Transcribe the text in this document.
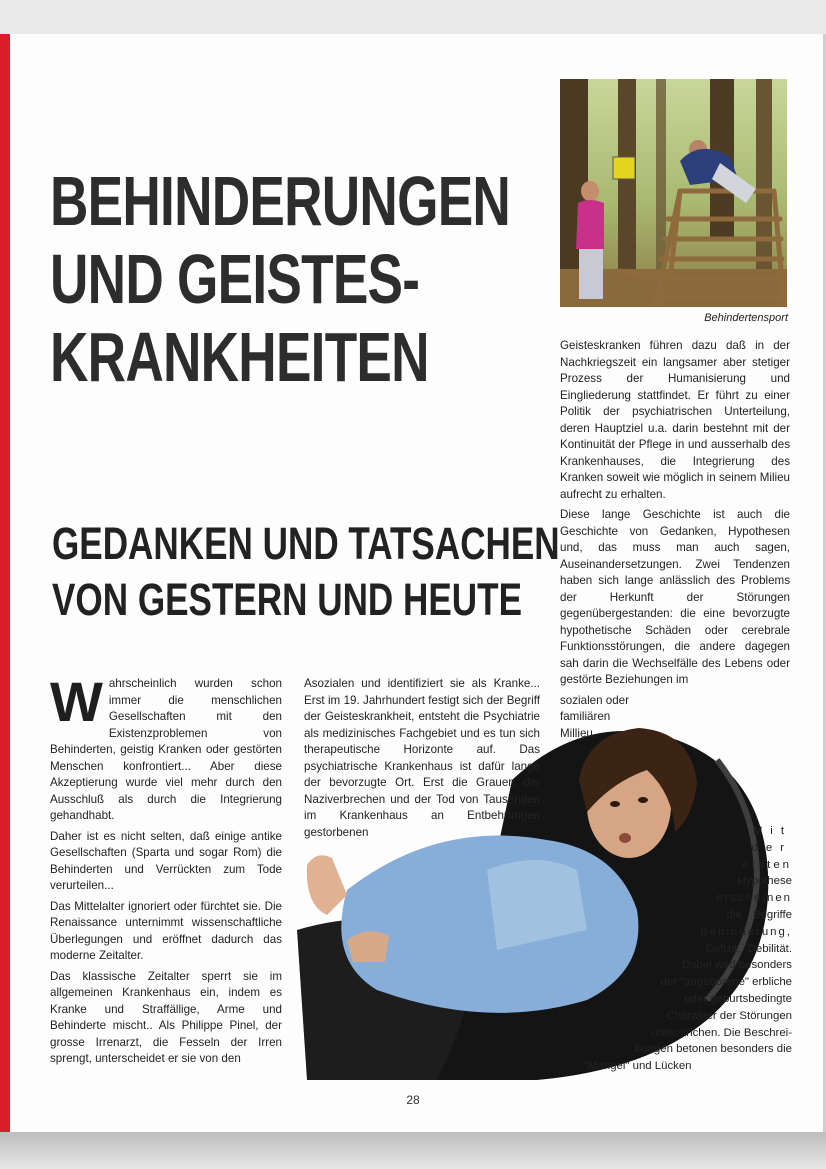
Behindertensport
BEHINDERUNGEN
UND GEISTES-
KRANKHEITEN
GEDANKEN UND TATSACHEN
VON GESTERN UND HEUTE

Wahrscheinlich wurden schon immer die menschlichen Gesellschaften mit den Existenzproblemen von Behinderten, geistig Kranken oder gestörten Menschen konfrontiert... Aber diese Akzeptierung wurde viel mehr durch den Ausschluß als durch die Integrierung gehandhabt.

Daher ist es nicht selten, daß einige antike Gesellschaften (Sparta und sogar Rom) die Behinderten und Verrückten zum Tode verurteilen...

Das Mittelalter ignoriert oder fürchtet sie. Die Renaissance unternimmt wissenschaftliche Überlegungen und eröffnet dadurch das moderne Zeitalter.

Das klassische Zeitalter sperrt sie im allgemeinen Krankenhaus ein, indem es Kranke und Straffällige, Arme und Behinderte mischt.. Als Philippe Pinel, der grosse Irrenarzt, die Fesseln der Irren sprengt, unterscheidet er sie von den

Asozialen und identifiziert sie als Kranke... Erst im 19. Jahrhundert festigt sich der Begriff der Geisteskrankheit, entsteht die Psychiatrie als medizinisches Fachgebiet und es tun sich therapeutische Horizonte auf. Das psychiatrische Krankenhaus ist dafür lange der bevorzugte Ort. Erst die Grauen der Naziverbrechen und der Tod von Tausenden im Krankenhaus an Entbehrungen gestorbenen

Geisteskranken führen dazu daß in der Nachkriegszeit ein langsamer aber stetiger Prozess der Humanisierung und Eingliederung stattfindet. Er führt zu einer Politik der psychiatrischen Unterteilung, deren Hauptziel u.a. darin bestehnt mit der Kontinuität der Pflege in und ausserhalb des Krankenhauses, die Integrierung des Kranken soweit wie möglich in seinem Milieu aufrecht zu erhalten.

Diese lange Geschichte ist auch die Geschichte von Gedanken, Hypothesen und, das muss man auch sagen, Auseinandersetzungen. Zwei Tendenzen haben sich lange anlässlich des Problems der Herkunft der Störungen gegenübergestanden: die eine bevorzugte hypothetische Schäden oder cerebrale Funktionsstörungen, die andere dagegen sah darin die Wechselfälle des Lebens oder gestörte Beziehungen im

sozialen oder
familiären
Millieu.
Mit
der
ersten
Hypothese
erscheinen
die Begriffe
Behinderung,
Defizit, Debilität.
Dabei wird besonders
der "angeborene" erbliche
oder geburtsbedingte
Charakter der Störungen
unterstrichen. Die Beschrei-
bungen betonen besonders die
"Mängel" und Lücken
28
